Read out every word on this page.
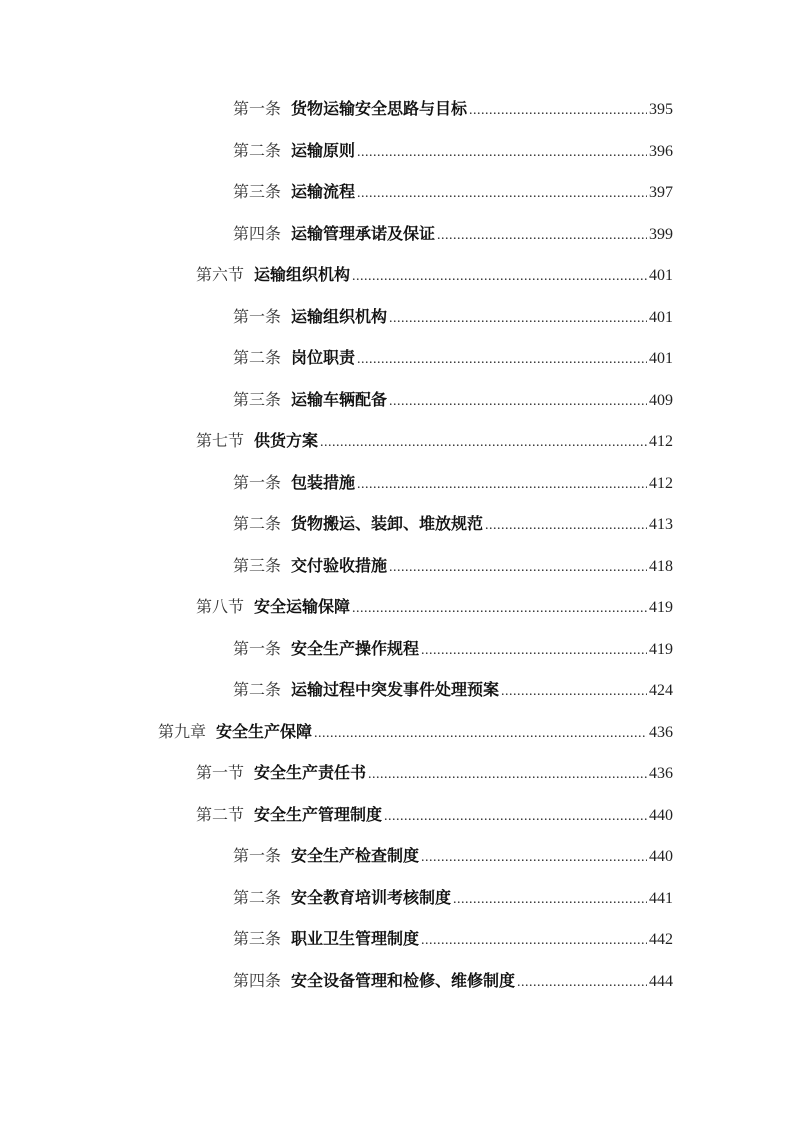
第一条 货物运输安全思路与目标 .....	395
第二条 运输原则 .....	396
第三条 运输流程 .....	397
第四条 运输管理承诺及保证 .....	399
第六节 运输组织机构 .....	401
第一条 运输组织机构 .....	401
第二条 岗位职责 .....	401
第三条 运输车辆配备 .....	409
第七节 供货方案 .....	412
第一条 包装措施 .....	412
第二条 货物搬运、装卸、堆放规范 .....	413
第三条 交付验收措施 .....	418
第八节 安全运输保障 .....	419
第一条 安全生产操作规程 .....	419
第二条 运输过程中突发事件处理预案 .....	424
第九章 安全生产保障 .....	436
第一节 安全生产责任书 .....	436
第二节 安全生产管理制度 .....	440
第一条 安全生产检查制度 .....	440
第二条 安全教育培训考核制度 .....	441
第三条 职业卫生管理制度 .....	442
第四条 安全设备管理和检修、维修制度 .....	444
